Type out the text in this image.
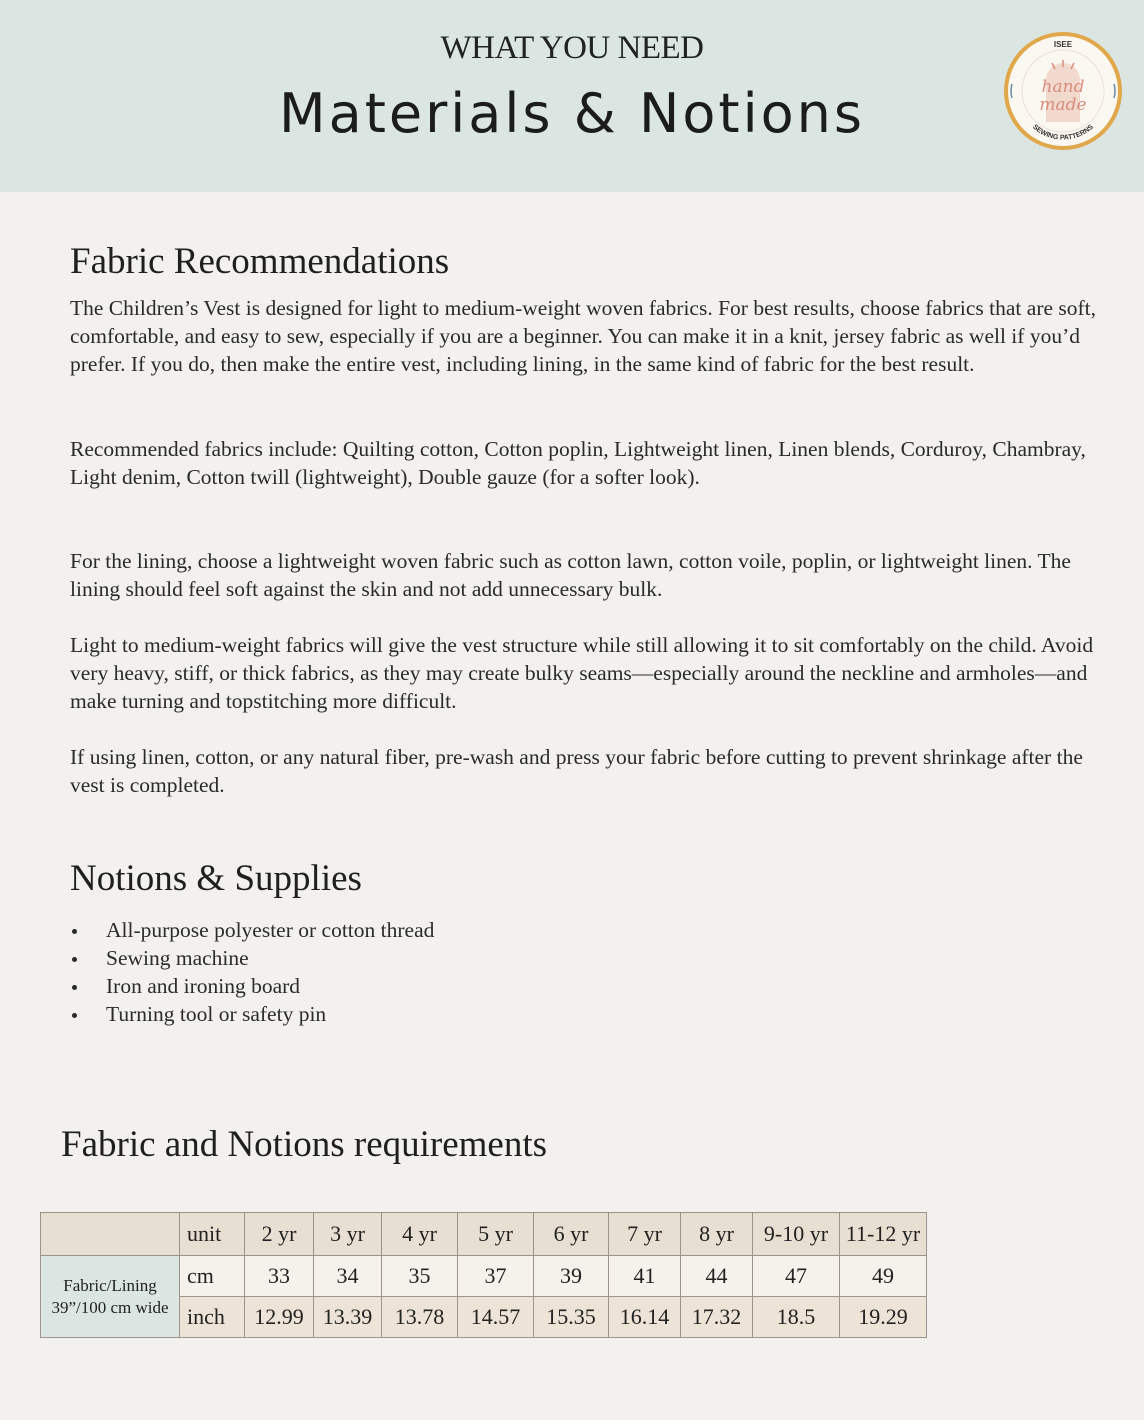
WHAT YOU NEED
Materials & Notions
ISEE
hand
made
SEWING PATTERNS
Fabric Recommendations

The Children’s Vest is designed for light to medium-weight woven fabrics. For best results, choose fabrics that are soft, comfortable, and easy to sew, especially if you are a beginner. You can make it in a knit, jersey fabric as well if you’d prefer. If you do, then make the entire vest, including lining, in the same kind of fabric for the best result.

Recommended fabrics include: Quilting cotton, Cotton poplin, Lightweight linen, Linen blends, Corduroy, Chambray, Light denim, Cotton twill (lightweight), Double gauze (for a softer look).

For the lining, choose a lightweight woven fabric such as cotton lawn, cotton voile, poplin, or lightweight linen. The lining should feel soft against the skin and not add unnecessary bulk.

Light to medium-weight fabrics will give the vest structure while still allowing it to sit comfortably on the child. Avoid very heavy, stiff, or thick fabrics, as they may create bulky seams—especially around the neckline and armholes—and make turning and topstitching more difficult.

If using linen, cotton, or any natural fiber, pre-wash and press your fabric before cutting to prevent shrinkage after the vest is completed.

Notions & Supplies
All-purpose polyester or cotton thread
Sewing machine
Iron and ironing board
Turning tool or safety pin
Fabric and Notions requirements
	unit	2 yr	3 yr	4 yr	5 yr	6 yr	7 yr	8 yr	9-10 yr	11-12 yr

Fabric/Lining
39”/100 cm wide	cm	33	34	35	37	39	41	44	47	49
	inch	12.99	13.39	13.78	14.57	15.35	16.14	17.32	18.5	19.29
